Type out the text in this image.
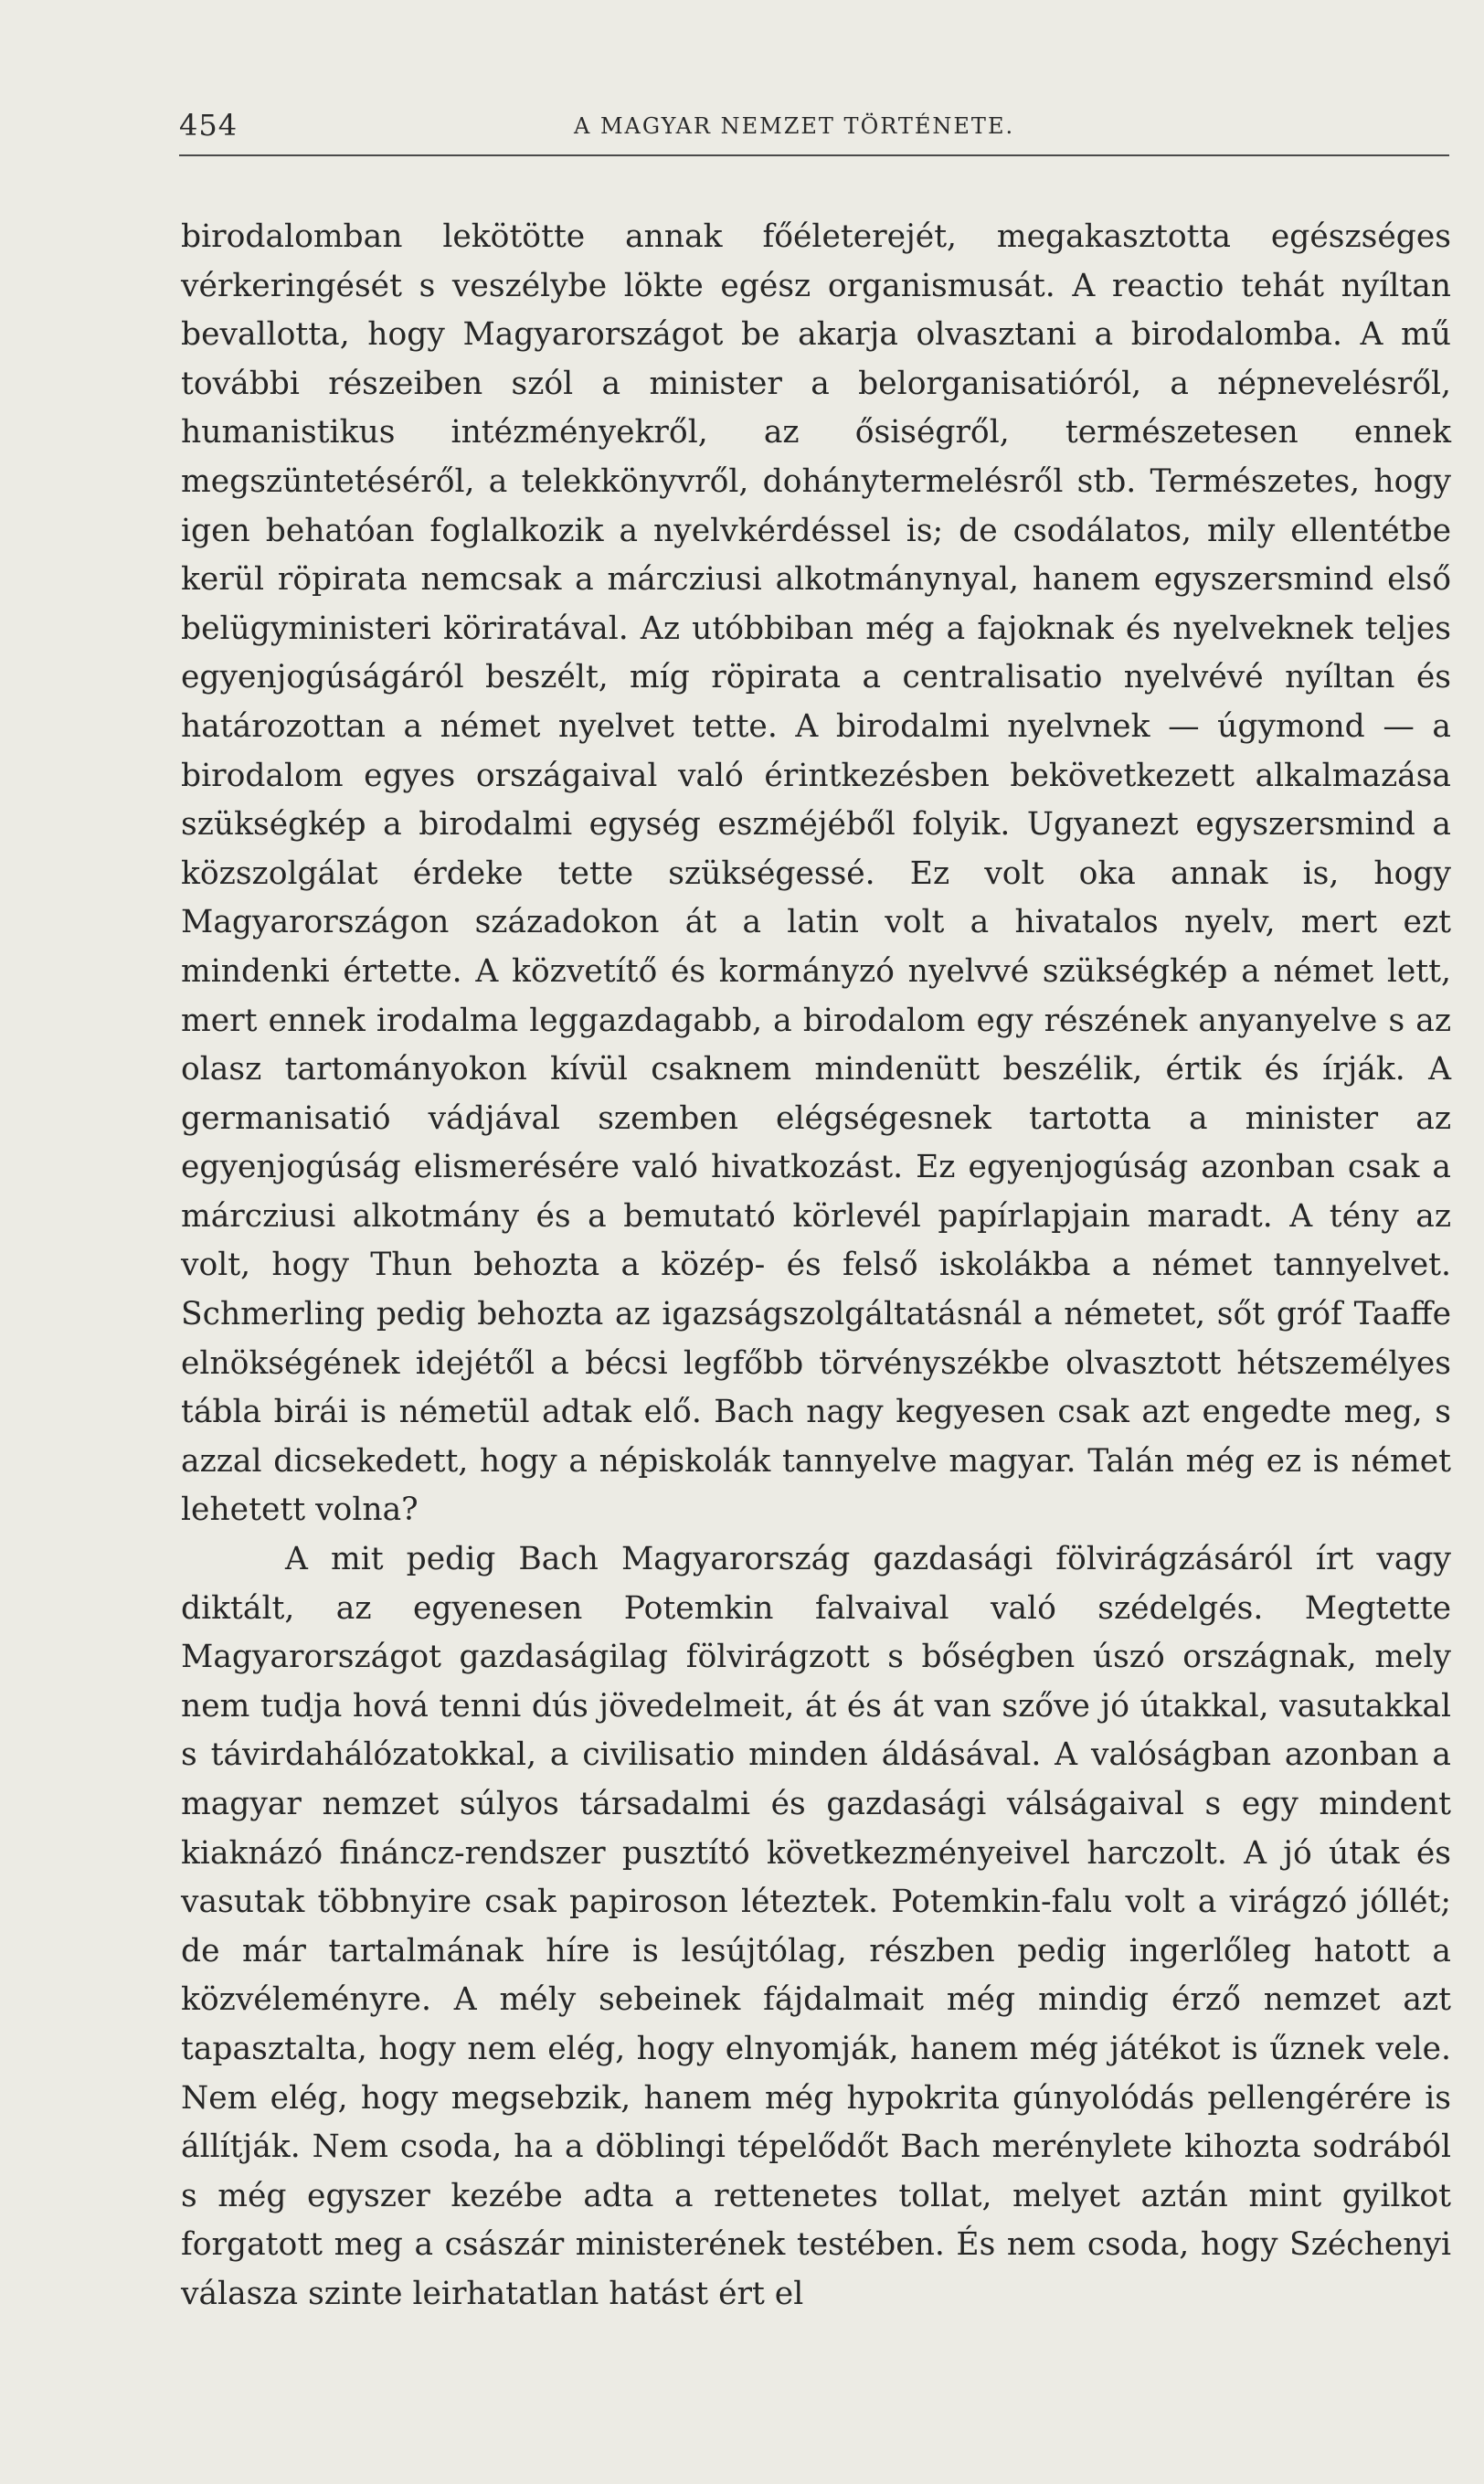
454	A MAGYAR NEMZET TÖRTÉNETE.

birodalomban lekötötte annak főéleterejét, megakasztotta egészséges vérkeringését s veszélybe lökte egész organismusát. A reactio tehát nyíltan bevallotta, hogy Magyarországot be akarja olvasztani a birodalomba. A mű további részeiben szól a minister a belorganisatióról, a népnevelésről, humanistikus intézményekről, az ősiségről, természetesen ennek megszüntetéséről, a telekkönyvről, dohánytermelésről stb. Természetes, hogy igen behatóan foglalkozik a nyelvkérdéssel is; de csodálatos, mily ellentétbe kerül röpirata nemcsak a márcziusi alkotmánynyal, hanem egyszersmind első belügyministeri köriratával. Az utóbbiban még a fajoknak és nyelveknek teljes egyenjogúságáról beszélt, míg röpirata a centralisatio nyelvévé nyíltan és határozottan a német nyelvet tette. A birodalmi nyelvnek — úgymond — a birodalom egyes országaival való érintkezésben bekövetkezett alkalmazása szükségkép a birodalmi egység eszméjéből folyik. Ugyanezt egyszersmind a közszolgálat érdeke tette szükségessé. Ez volt oka annak is, hogy Magyarországon századokon át a latin volt a hivatalos nyelv, mert ezt mindenki értette. A közvetítő és kormányzó nyelvvé szükségkép a német lett, mert ennek irodalma leggazdagabb, a birodalom egy részének anyanyelve s az olasz tartományokon kívül csaknem mindenütt beszélik, értik és írják. A germanisatió vádjával szemben elégségesnek tartotta a minister az egyenjogúság elismerésére való hivatkozást. Ez egyenjogúság azonban csak a márcziusi alkotmány és a bemutató körlevél papírlapjain maradt. A tény az volt, hogy Thun behozta a közép- és felső iskolákba a német tannyelvet. Schmerling pedig behozta az igazságszolgáltatásnál a németet, sőt gróf Taaffe elnökségének idejétől a bécsi legfőbb törvényszékbe olvasztott hétszemélyes tábla birái is németül adtak elő. Bach nagy kegyesen csak azt engedte meg, s azzal dicsekedett, hogy a népiskolák tannyelve magyar. Talán még ez is német lehetett volna?

A mit pedig Bach Magyarország gazdasági fölvirágzásáról írt vagy diktált, az egyenesen Potemkin falvaival való szédelgés. Megtette Magyarországot gazdaságilag fölvirágzott s bőségben úszó országnak, mely nem tudja hová tenni dús jövedelmeit, át és át van szőve jó útakkal, vasutakkal s távirdahálózatokkal, a civilisatio minden áldásával. A valóságban azonban a magyar nemzet súlyos társadalmi és gazdasági válságaival s egy mindent kiaknázó fináncz-rendszer pusztító következményeivel harczolt. A jó útak és vasutak többnyire csak papiroson léteztek. Potemkin-falu volt a virágzó jóllét; de már tartalmának híre is lesújtólag, részben pedig ingerlőleg hatott a közvéleményre. A mély sebeinek fájdalmait még mindig érző nemzet azt tapasztalta, hogy nem elég, hogy elnyomják, hanem még játékot is űznek vele. Nem elég, hogy megsebzik, hanem még hypokrita gúnyolódás pellengérére is állítják. Nem csoda, ha a döblingi tépelődőt Bach merénylete kihozta sodrából s még egyszer kezébe adta a rettenetes tollat, melyet aztán mint gyilkot forgatott meg a császár ministerének testében. És nem csoda, hogy Széchenyi válasza szinte leirhatatlan hatást ért el
